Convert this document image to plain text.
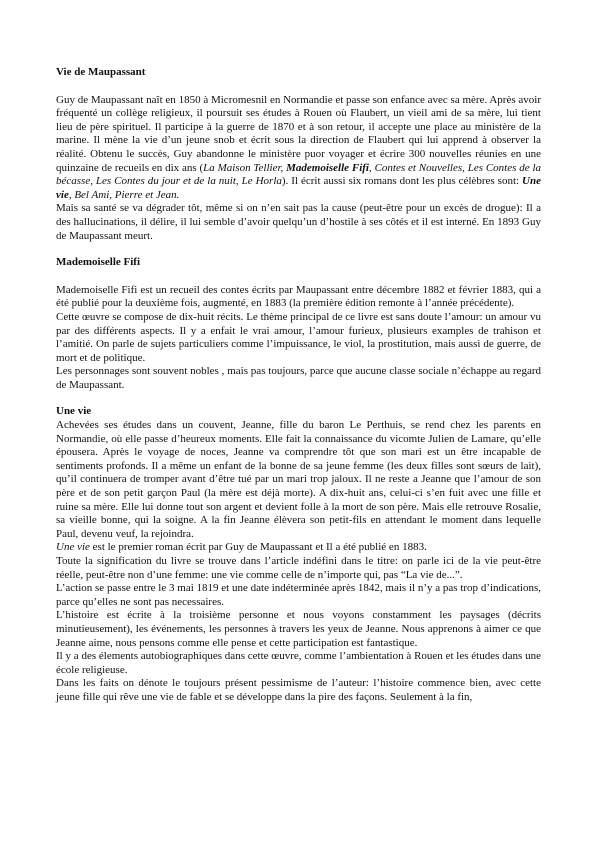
Vie de Maupassant

Guy de Maupassant naît en 1850 à Micromesnil en Normandie et passe son enfance avec sa mère. Après avoir fréquenté un collège religieux, il poursuit ses études à Rouen où Flaubert, un vieil ami de sa mère, lui tient lieu de père spirituel. Il participe à la guerre de 1870 et à son retour, il accepte une place au ministère de la marine. Il mène la vie d’un jeune snob et écrit sous la direction de Flaubert qui lui apprend à observer la réalité. Obtenu le succès, Guy abandonne le ministère puor voyager et écrire 300 nouvelles réunies en une quinzaine de recueils en dix ans (La Maison Tellier, Mademoiselle Fifi, Contes et Nouvelles, Les Contes de la bécasse, Les Contes du jour et de la nuit, Le Horla). Il écrit aussi six romans dont les plus célèbres sont: Une vie, Bel Ami, Pierre et Jean.

Mais sa santé se va dégrader tôt, même si on n’en sait pas la cause (peut-être pour un excès de drogue): Il a des hallucinations, il délire, il lui semble d’avoir quelqu’un d’hostile à ses côtés et il est interné. En 1893 Guy de Maupassant meurt.

Mademoiselle Fifi

Mademoiselle Fifi est un recueil des contes écrits par Maupassant entre décembre 1882 et février 1883, qui a été publié pour la deuxième fois, augmenté, en 1883 (la première édition remonte à l’année précédente).

Cette œuvre se compose de dix-huit récits. Le thème principal de ce livre est sans doute l’amour: un amour vu par des différents aspects. Il y a enfait le vrai amour, l’amour furieux, plusieurs examples de trahison et l’amitié. On parle de sujets particuliers comme l’impuissance, le viol, la prostitution, mais aussi de guerre, de mort et de politique.

Les personnages sont souvent nobles , mais pas toujours, parce que aucune classe sociale n’échappe au regard de Maupassant.

Une vie

Achevées ses études dans un couvent, Jeanne, fille du baron Le Perthuis, se rend chez les parents en Normandie, où elle passe d’heureux moments. Elle fait la connaissance du vicomte Julien de Lamare, qu’elle épousera. Après le voyage de noces, Jeanne va comprendre tôt que son mari est un être incapable de sentiments profonds. Il a même un enfant de la bonne de sa jeune femme (les deux filles sont sœurs de lait), qu’il continuera de tromper avant d’être tué par un mari trop jaloux. Il ne reste a Jeanne que l’amour de son père et de son petit garçon Paul (la mère est déjà morte). A dix-huit ans, celui-ci s’en fuit avec une fille et ruine sa mère. Elle lui donne tout son argent et devient folle à la mort de son père. Mais elle retrouve Rosalie, sa vieille bonne, qui la soigne. A la fin Jeanne élèvera son petit-fils en attendant le moment dans lequelle Paul, devenu veuf, la rejoindra.

Une vie est le premier roman écrit par Guy de Maupassant et Il a été publié en 1883.

Toute la signification du livre se trouve dans l’article indéfini dans le titre: on parle ici de la vie peut-être réelle, peut-être non d’une femme: une vie comme celle de n’importe qui, pas “La vie de...”.

L’action se passe entre le 3 mai 1819 et une date indéterminée après 1842, mais il n’y a pas trop d’indications, parce qu’elles ne sont pas necessaires.

L’histoire est écrite à la troisième personne et nous voyons constamment les paysages (décrits minutieusement), les événements, les personnes à travers les yeux de Jeanne. Nous apprenons à aimer ce que Jeanne aime, nous pensons comme elle pense et cette participation est fantastique.

Il y a des élements autobiographiques dans cette œuvre, comme l’ambientation à Rouen et les études dans une école religieuse.

Dans les faits on dénote le toujours présent pessimisme de l’auteur: l’histoire commence bien, avec cette jeune fille qui rêve une vie de fable et se développe dans la pire des façons. Seulement à la fin,
